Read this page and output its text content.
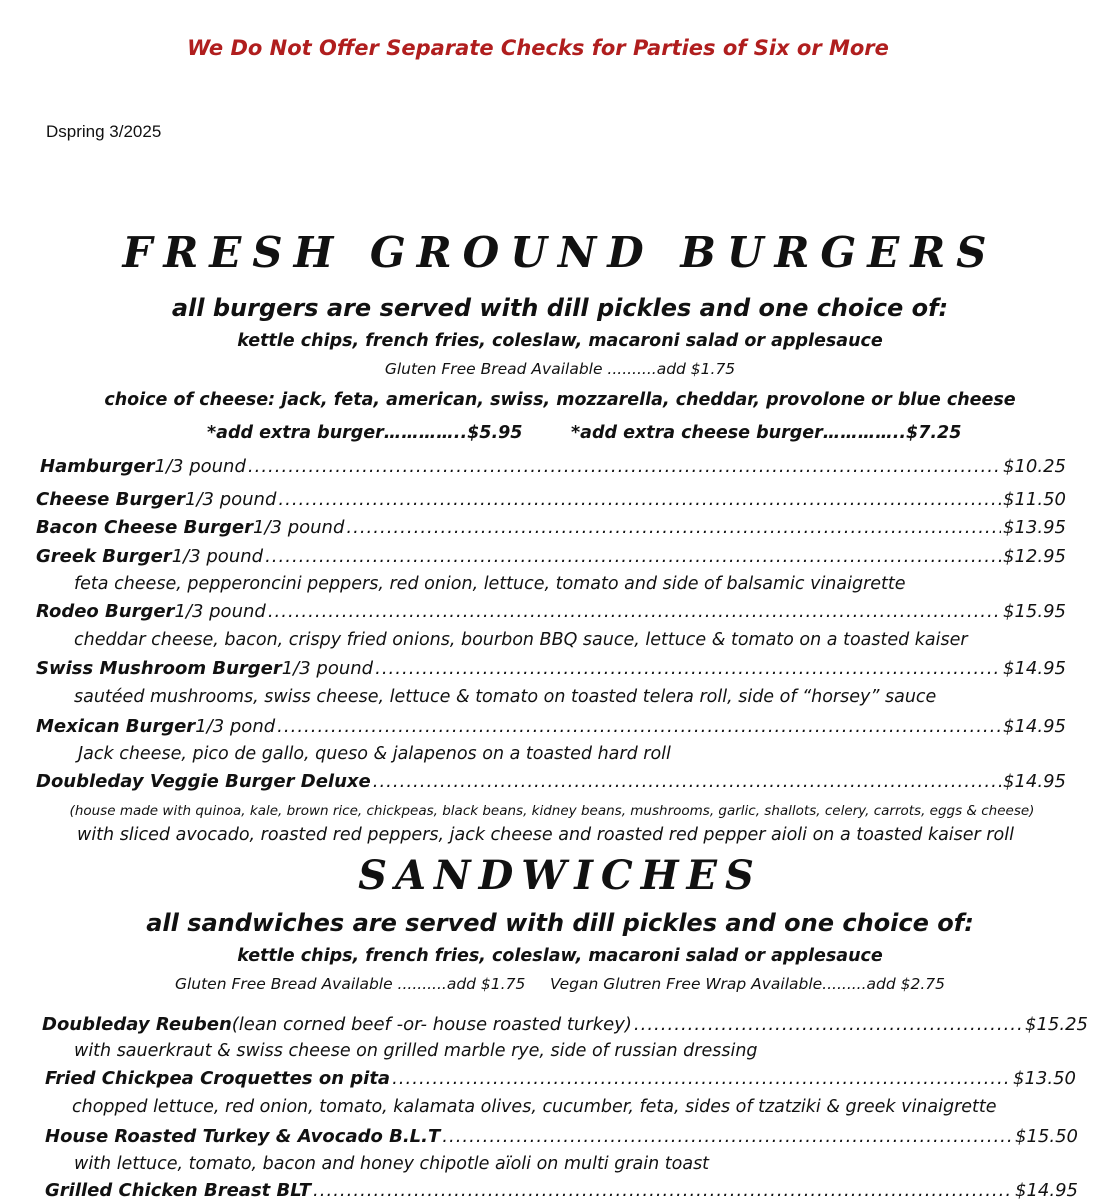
We Do Not Offer Separate Checks for Parties of Six or More
Dspring 3/2025
FRESH GROUND BURGERS
all burgers are served with dill pickles and one choice of:
kettle chips, french fries, coleslaw, macaroni salad or applesauce
Gluten Free Bread Available ..........add $1.75
choice of cheese: jack, feta, american, swiss, mozzarella, cheddar, provolone or blue cheese
*add extra burger…………..$5.95	*add extra cheese burger…………..$7.25
Hamburger 1/3 pound .....	$10.25
Cheese Burger 1/3 pound .....	$11.50
Bacon Cheese Burger 1/3 pound .....	$13.95
Greek Burger 1/3 pound .....	$12.95
feta cheese, pepperoncini peppers, red onion, lettuce, tomato and side of balsamic vinaigrette
Rodeo Burger 1/3 pound .....	$15.95
cheddar cheese, bacon, crispy fried onions, bourbon BBQ sauce, lettuce & tomato on a toasted kaiser
Swiss Mushroom Burger 1/3 pound .....	$14.95
sautéed mushrooms, swiss cheese, lettuce & tomato on toasted telera roll, side of “horsey” sauce
Mexican Burger 1/3 pond .....	$14.95
Jack cheese, pico de gallo, queso & jalapenos on a toasted hard roll
Doubleday Veggie Burger Deluxe .....	$14.95
(house made with quinoa, kale, brown rice, chickpeas, black beans, kidney beans, mushrooms, garlic, shallots, celery, carrots, eggs & cheese)
with sliced avocado, roasted red peppers, jack cheese and roasted red pepper aioli on a toasted kaiser roll
SANDWICHES
all sandwiches are served with dill pickles and one choice of:
kettle chips, french fries, coleslaw, macaroni salad or applesauce
Gluten Free Bread Available ..........add $1.75     Vegan Glutren Free Wrap Available.........add $2.75
Doubleday Reuben (lean corned beef -or- house roasted turkey) .....	$15.25
with sauerkraut & swiss cheese on grilled marble rye, side of russian dressing
Fried Chickpea Croquettes on pita .....	$13.50
chopped lettuce, red onion, tomato, kalamata olives, cucumber, feta, sides of tzatziki & greek vinaigrette
House Roasted Turkey & Avocado B.L.T .....	$15.50
with lettuce, tomato, bacon and honey chipotle aïoli on multi grain toast
Grilled Chicken Breast BLT .....	$14.95
